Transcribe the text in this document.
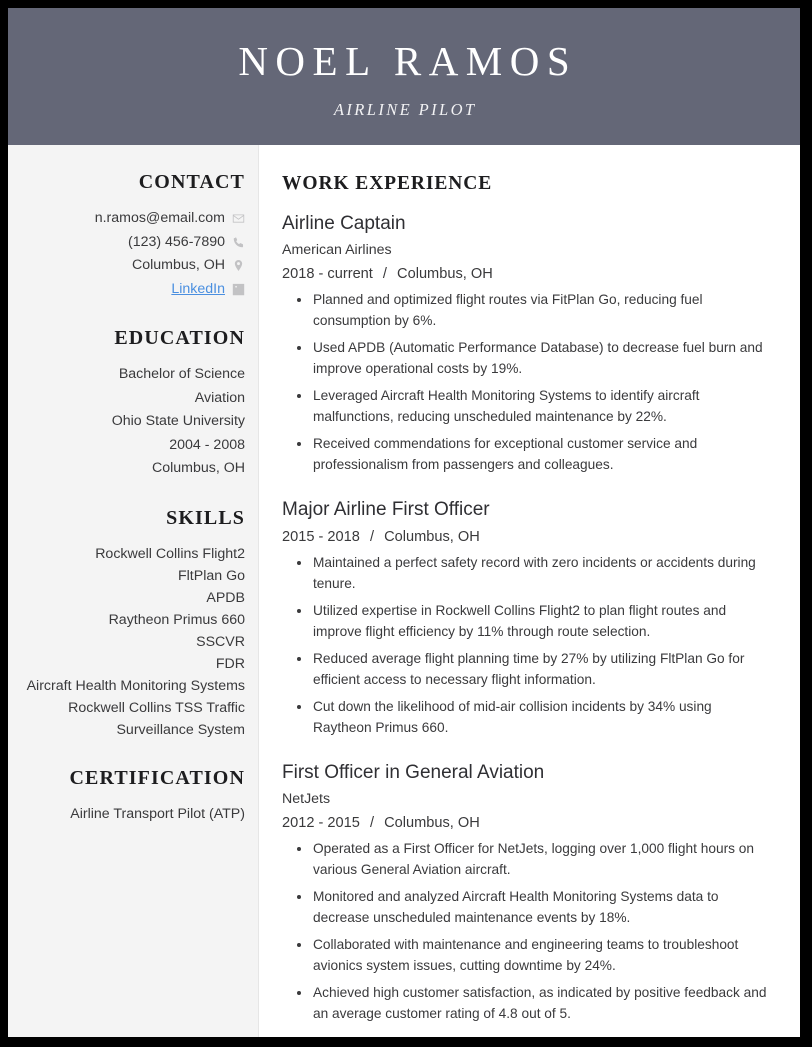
NOEL RAMOS
AIRLINE PILOT
CONTACT
n.ramos@email.com
(123) 456-7890
Columbus, OH
LinkedIn
EDUCATION
Bachelor of Science
Aviation
Ohio State University
2004 - 2008
Columbus, OH
SKILLS
Rockwell Collins Flight2
FltPlan Go
APDB
Raytheon Primus 660
SSCVR
FDR
Aircraft Health Monitoring Systems
Rockwell Collins TSS Traffic Surveillance System
CERTIFICATION
Airline Transport Pilot (ATP)
WORK EXPERIENCE
Airline Captain
American Airlines
2018 - current / Columbus, OH
Planned and optimized flight routes via FitPlan Go, reducing fuel consumption by 6%.
Used APDB (Automatic Performance Database) to decrease fuel burn and improve operational costs by 19%.
Leveraged Aircraft Health Monitoring Systems to identify aircraft malfunctions, reducing unscheduled maintenance by 22%.
Received commendations for exceptional customer service and professionalism from passengers and colleagues.
Major Airline First Officer
2015 - 2018 / Columbus, OH
Maintained a perfect safety record with zero incidents or accidents during tenure.
Utilized expertise in Rockwell Collins Flight2 to plan flight routes and improve flight efficiency by 11% through route selection.
Reduced average flight planning time by 27% by utilizing FltPlan Go for efficient access to necessary flight information.
Cut down the likelihood of mid-air collision incidents by 34% using Raytheon Primus 660.
First Officer in General Aviation
NetJets
2012 - 2015 / Columbus, OH
Operated as a First Officer for NetJets, logging over 1,000 flight hours on various General Aviation aircraft.
Monitored and analyzed Aircraft Health Monitoring Systems data to decrease unscheduled maintenance events by 18%.
Collaborated with maintenance and engineering teams to troubleshoot avionics system issues, cutting downtime by 24%.
Achieved high customer satisfaction, as indicated by positive feedback and an average customer rating of 4.8 out of 5.
